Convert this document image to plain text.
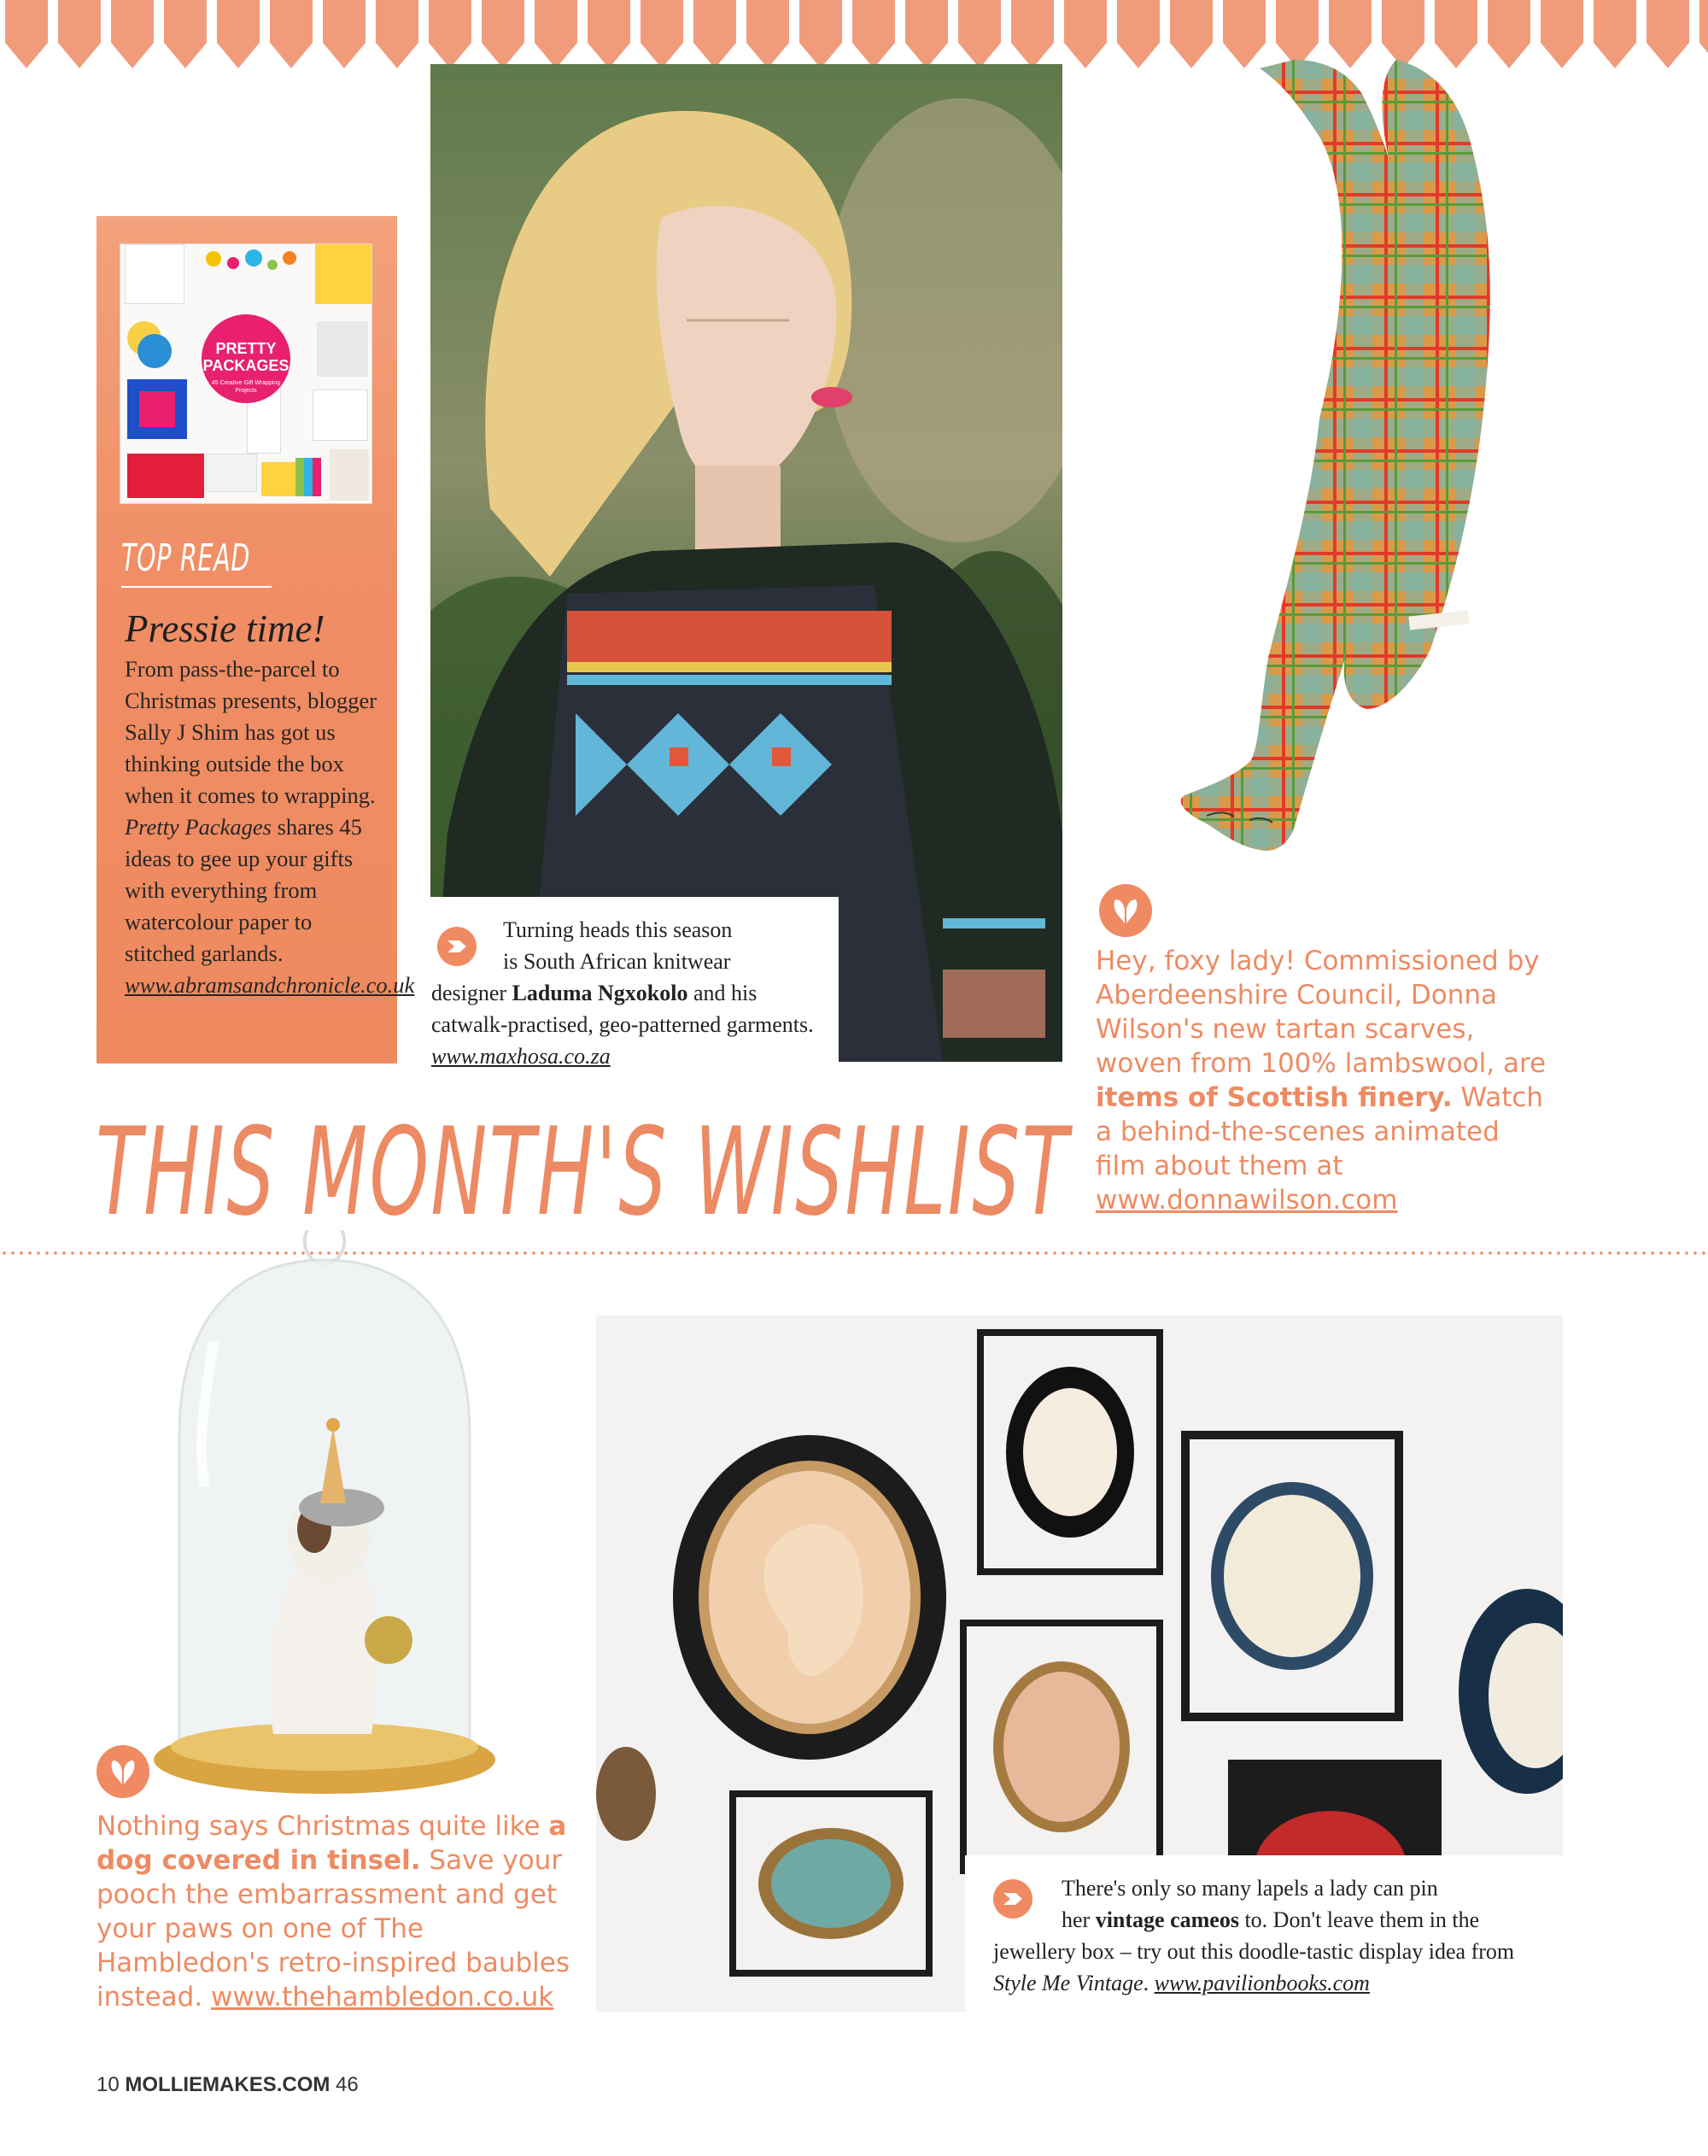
PRETTY
PACKAGES
45 Creative Gift Wrapping Projects
TOP READ
Pressie time!
From pass-the-parcel to Christmas presents, blogger Sally J Shim has got us thinking outside the box when it comes to wrapping. Pretty Packages shares 45 ideas to gee up your gifts with everything from watercolour paper to stitched garlands. www.abramsandchronicle.co.uk
Turning heads this season
is South African knitwear
designer Laduma Ngxokolo and his catwalk-practised, geo-patterned garments. www.maxhosa.co.za
Hey, foxy lady! Commissioned by Aberdeenshire Council, Donna Wilson's new tartan scarves, woven from 100% lambswool, are items of Scottish finery. Watch a behind-the-scenes animated film about them at www.donnawilson.com
THIS MONTH'S WISHLIST
Nothing says Christmas quite like a dog covered in tinsel. Save your pooch the embarrassment and get your paws on one of The Hambledon's retro-inspired baubles instead. www.thehambledon.co.uk
There's only so many lapels a lady can pin
her vintage cameos to. Don't leave them in the jewellery box – try out this doodle-tastic display idea from Style Me Vintage. www.pavilionbooks.com
10 MOLLIEMAKES.COM 46
